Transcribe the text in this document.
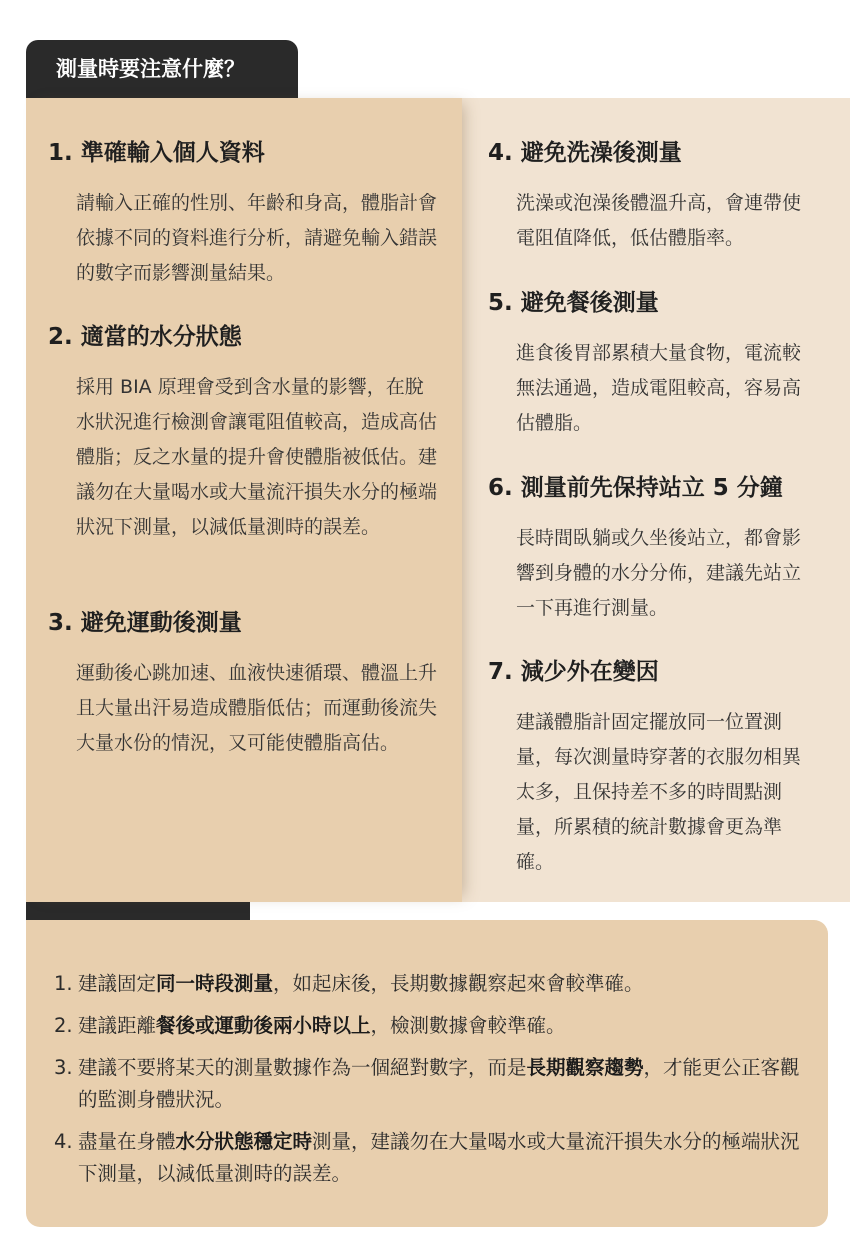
測量時要注意什麼？
1. 準確輸入個人資料

請輸入正確的性別、年齡和身高，體脂計會依據不同的資料進行分析，請避免輸入錯誤的數字而影響測量結果。

2. 適當的水分狀態

採用 BIA 原理會受到含水量的影響，在脫水狀況進行檢測會讓電阻值較高，造成高估體脂；反之水量的提升會使體脂被低估。建議勿在大量喝水或大量流汗損失水分的極端狀況下測量，以減低量測時的誤差。

3. 避免運動後測量

運動後心跳加速、血液快速循環、體溫上升且大量出汗易造成體脂低估；而運動後流失大量水份的情況，又可能使體脂高估。

4. 避免洗澡後測量

洗澡或泡澡後體溫升高，會連帶使電阻值降低，低估體脂率。

5. 避免餐後測量

進食後胃部累積大量食物，電流較無法通過，造成電阻較高，容易高估體脂。

6. 測量前先保持站立 5 分鐘

長時間臥躺或久坐後站立，都會影響到身體的水分分佈，建議先站立一下再進行測量。

7. 減少外在變因

建議體脂計固定擺放同一位置測量，每次測量時穿著的衣服勿相異太多，且保持差不多的時間點測量，所累積的統計數據會更為準確。

1. 建議固定同一時段測量，如起床後，長期數據觀察起來會較準確。
2. 建議距離餐後或運動後兩小時以上，檢測數據會較準確。
3. 建議不要將某天的測量數據作為一個絕對數字，而是長期觀察趨勢，才能更公正客觀的監測身體狀況。
4. 盡量在身體水分狀態穩定時測量，建議勿在大量喝水或大量流汗損失水分的極端狀況下測量，以減低量測時的誤差。
